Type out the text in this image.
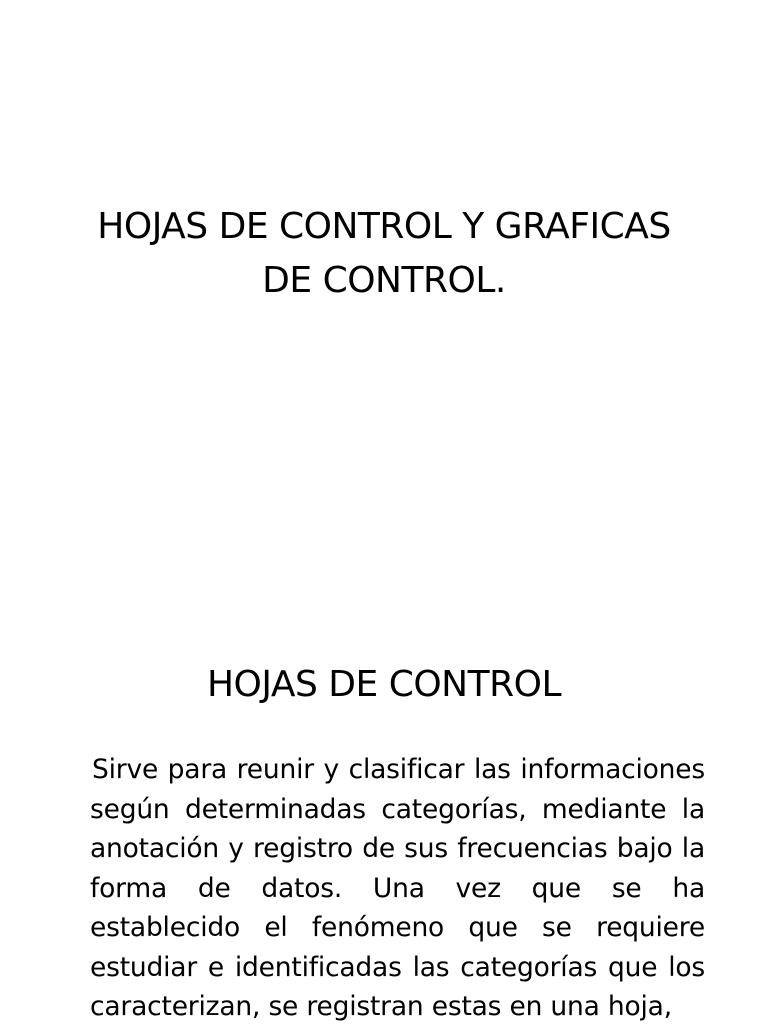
HOJAS DE CONTROL Y GRAFICAS
DE CONTROL.
HOJAS DE CONTROL

Sirve para reunir y clasificar las informaciones según determinadas categorías, mediante la anotación y registro de sus frecuencias bajo la forma de datos. Una vez que se ha establecido el fenómeno que se requiere estudiar e identificadas las categorías que los caracterizan, se registran estas en una hoja,
